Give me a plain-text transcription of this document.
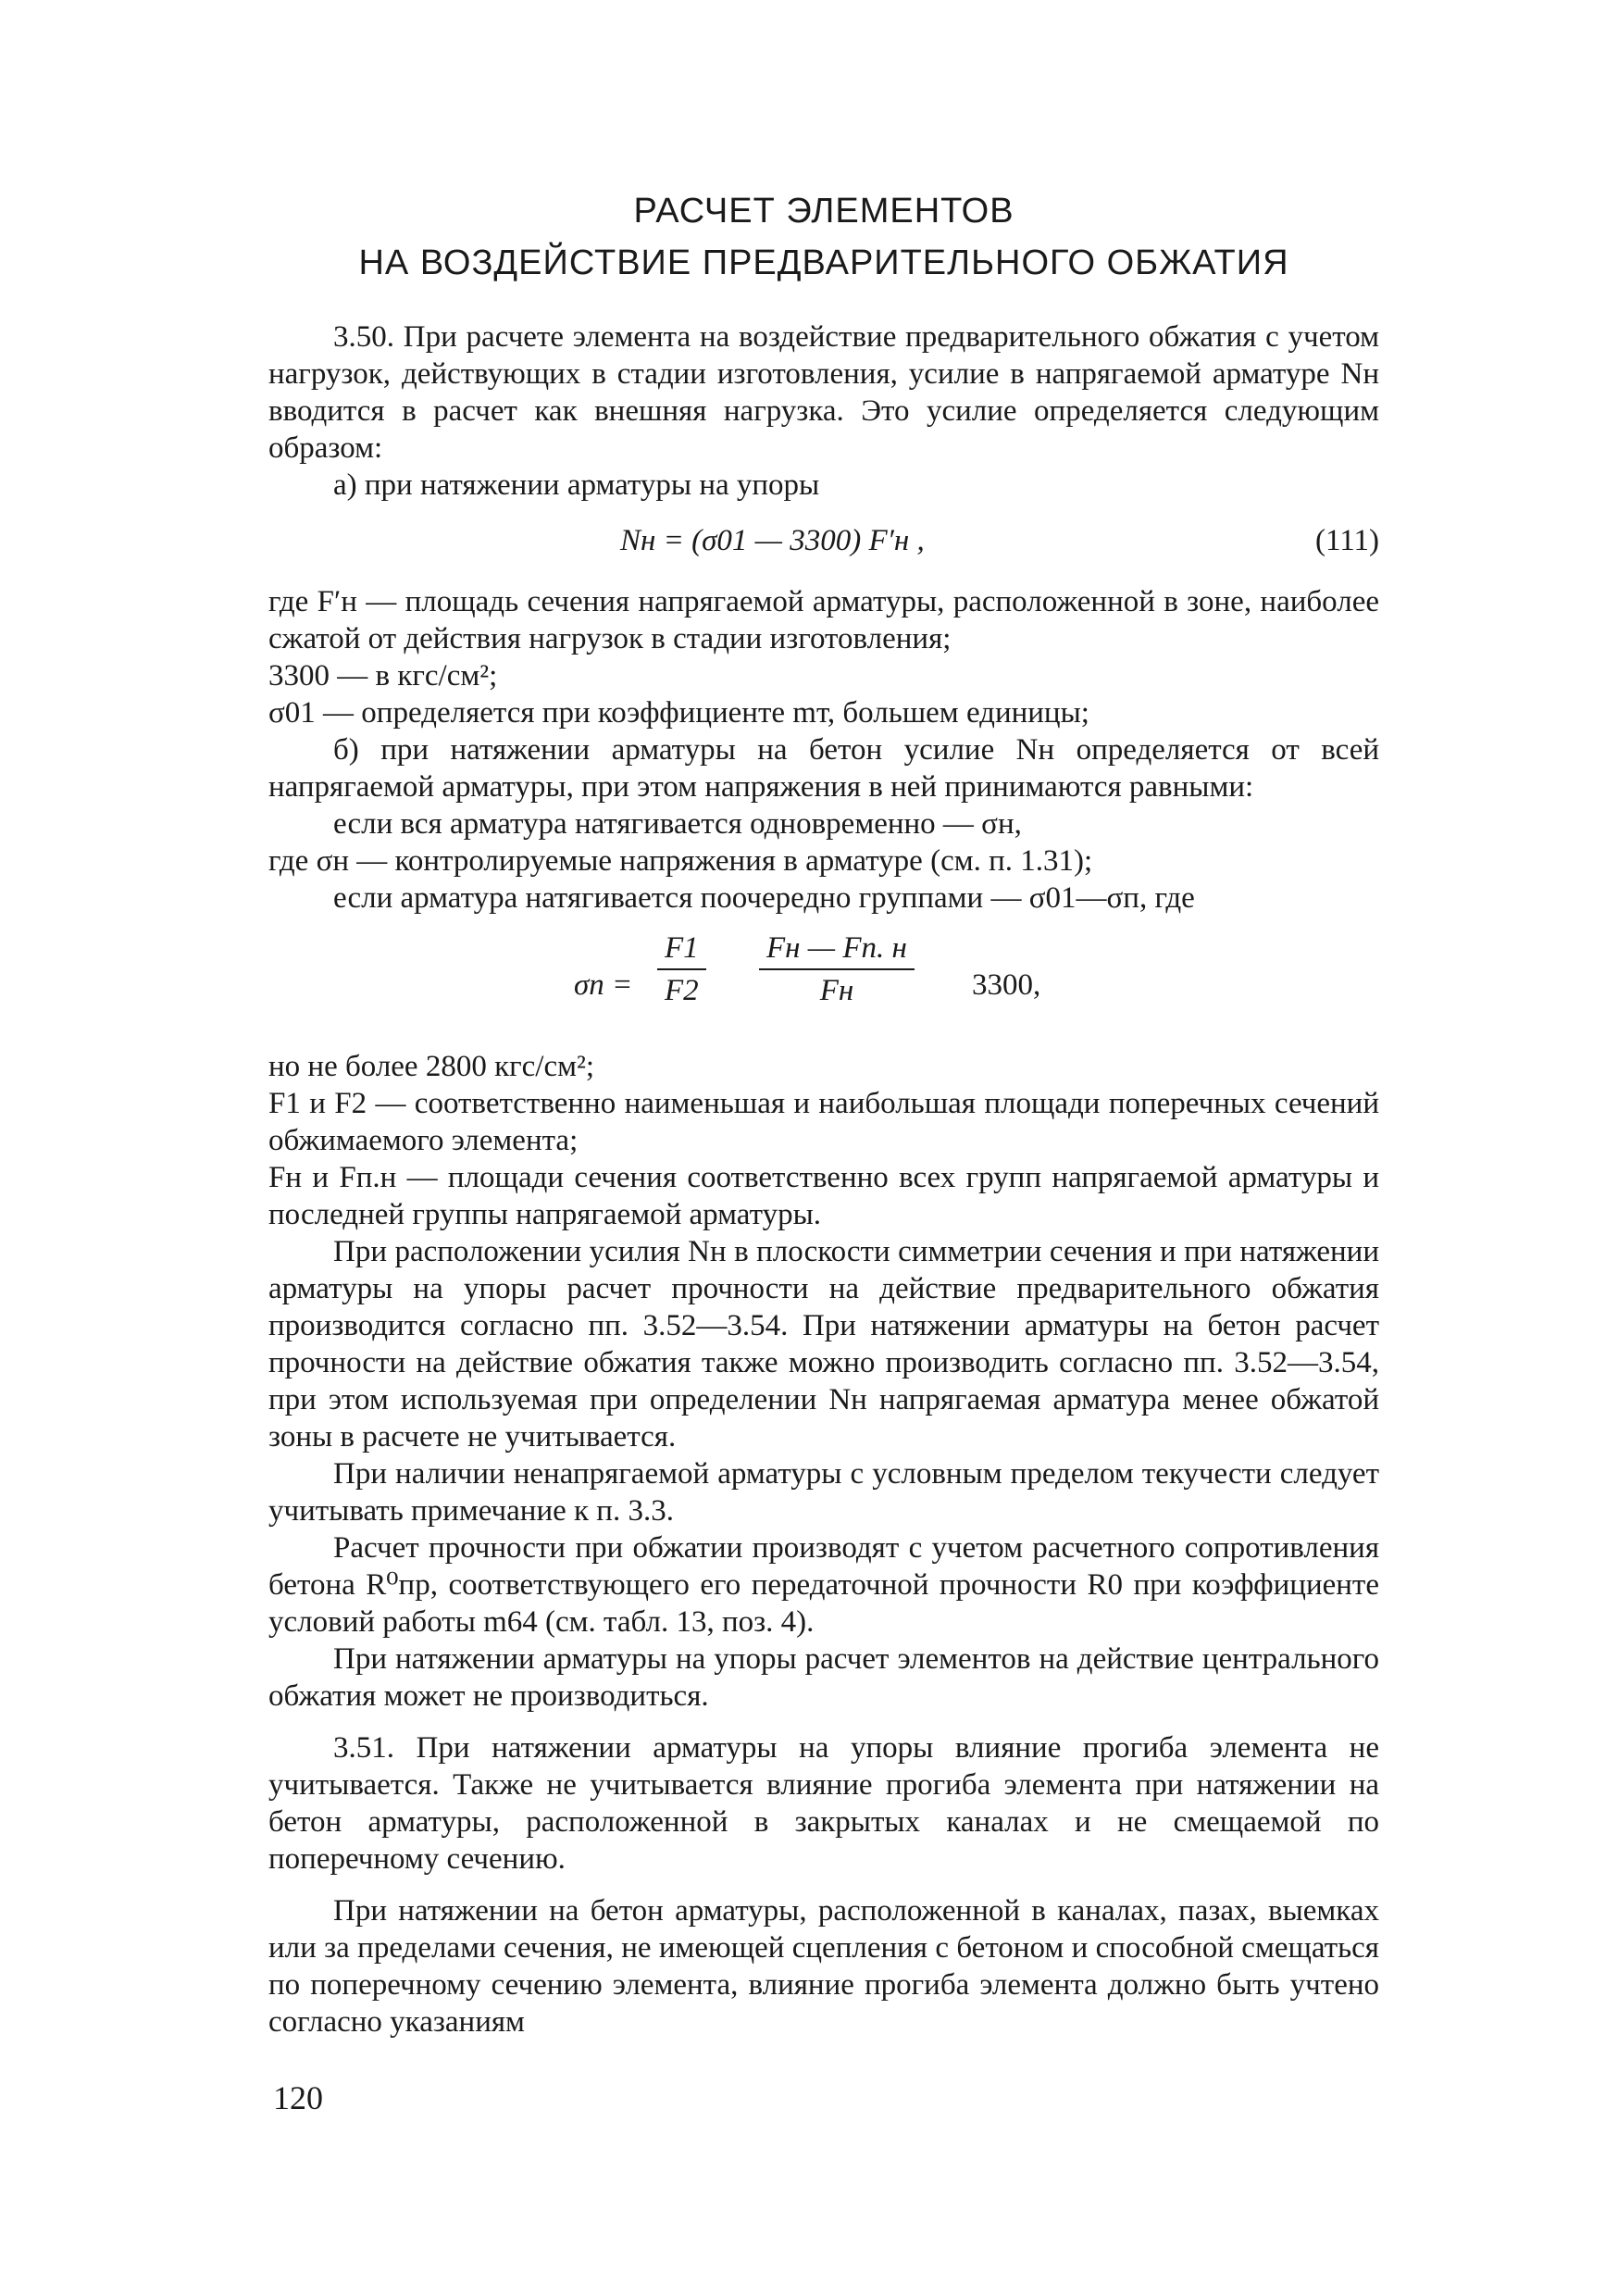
РАСЧЕТ ЭЛЕМЕНТОВ
НА ВОЗДЕЙСТВИЕ ПРЕДВАРИТЕЛЬНОГО ОБЖАТИЯ

3.50. При расчете элемента на воздействие предварительного обжатия с учетом нагрузок, действующих в стадии изготовления, усилие в напрягаемой арматуре Nн вводится в расчет как внешняя нагрузка. Это усилие определяется следующим образом:

а) при натяжении арматуры на упоры

Nн = (σ01 — 3300) F′н ,	(111)

где F′н — площадь сечения напрягаемой арматуры, расположенной в зоне, наиболее сжатой от действия нагрузок в стадии изготовления;

3300 — в кгс/см²;

σ01 — определяется при коэффициенте mт, большем единицы;

б) при натяжении арматуры на бетон усилие Nн определяется от всей напрягаемой арматуры, при этом напряжения в ней принимаются равными:

если вся арматура натягивается одновременно — σн,

где σн — контролируемые напряжения в арматуре (см. п. 1.31);

если арматура натягивается поочередно группами — σ01—σп, где

σп =
F1
F2
Fн — Fп. н
Fн	3300,

но не более 2800 кгс/см²;

F1 и F2 — соответственно наименьшая и наибольшая площади поперечных сечений обжимаемого элемента;

Fн и Fп.н — площади сечения соответственно всех групп напрягаемой арматуры и последней группы напрягаемой арматуры.

При расположении усилия Nн в плоскости симметрии сечения и при натяжении арматуры на упоры расчет прочности на действие предварительного обжатия производится согласно пп. 3.52—3.54. При натяжении арматуры на бетон расчет прочности на действие обжатия также можно производить согласно пп. 3.52—3.54, при этом используемая при определении Nн напрягаемая арматура менее обжатой зоны в расчете не учитывается.

При наличии ненапрягаемой арматуры с условным пределом текучести следует учитывать примечание к п. 3.3.

Расчет прочности при обжатии производят с учетом расчетного сопротивления бетона R⁰пр, соответствующего его передаточной прочности R0 при коэффициенте условий работы m64 (см. табл. 13, поз. 4).

При натяжении арматуры на упоры расчет элементов на действие центрального обжатия может не производиться.

3.51. При натяжении арматуры на упоры влияние прогиба элемента не учитывается. Также не учитывается влияние прогиба элемента при натяжении на бетон арматуры, расположенной в закрытых каналах и не смещаемой по поперечному сечению.

При натяжении на бетон арматуры, расположенной в каналах, пазах, выемках или за пределами сечения, не имеющей сцепления с бетоном и способной смещаться по поперечному сечению элемента, влияние прогиба элемента должно быть учтено согласно указаниям

120
